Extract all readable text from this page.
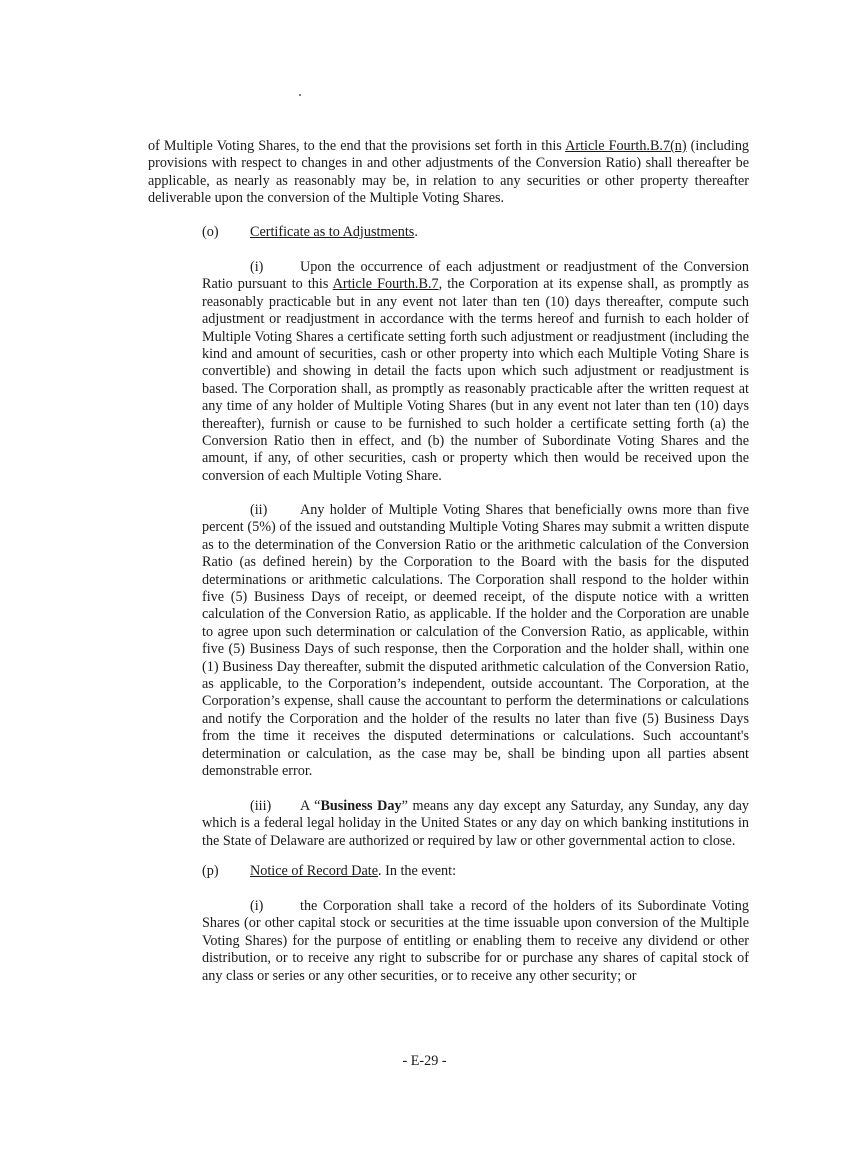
of Multiple Voting Shares, to the end that the provisions set forth in this Article Fourth.B.7(n) (including provisions with respect to changes in and other adjustments of the Conversion Ratio) shall thereafter be applicable, as nearly as reasonably may be, in relation to any securities or other property thereafter deliverable upon the conversion of the Multiple Voting Shares.
(o) Certificate as to Adjustments.
(i)	Upon the occurrence of each adjustment or readjustment of the Conversion Ratio pursuant to this Article Fourth.B.7, the Corporation at its expense shall, as promptly as reasonably practicable but in any event not later than ten (10) days thereafter, compute such adjustment or readjustment in accordance with the terms hereof and furnish to each holder of Multiple Voting Shares a certificate setting forth such adjustment or readjustment (including the kind and amount of securities, cash or other property into which each Multiple Voting Share is convertible) and showing in detail the facts upon which such adjustment or readjustment is based. The Corporation shall, as promptly as reasonably practicable after the written request at any time of any holder of Multiple Voting Shares (but in any event not later than ten (10) days thereafter), furnish or cause to be furnished to such holder a certificate setting forth (a) the Conversion Ratio then in effect, and (b) the number of Subordinate Voting Shares and the amount, if any, of other securities, cash or property which then would be received upon the conversion of each Multiple Voting Share.
(ii) Any holder of Multiple Voting Shares that beneficially owns more than five percent (5%) of the issued and outstanding Multiple Voting Shares may submit a written dispute as to the determination of the Conversion Ratio or the arithmetic calculation of the Conversion Ratio (as defined herein) by the Corporation to the Board with the basis for the disputed determinations or arithmetic calculations. The Corporation shall respond to the holder within five (5) Business Days of receipt, or deemed receipt, of the dispute notice with a written calculation of the Conversion Ratio, as applicable. If the holder and the Corporation are unable to agree upon such determination or calculation of the Conversion Ratio, as applicable, within five (5) Business Days of such response, then the Corporation and the holder shall, within one (1) Business Day thereafter, submit the disputed arithmetic calculation of the Conversion Ratio, as applicable, to the Corporation’s independent, outside accountant. The Corporation, at the Corporation’s expense, shall cause the accountant to perform the determinations or calculations and notify the Corporation and the holder of the results no later than five (5) Business Days from the time it receives the disputed determinations or calculations. Such accountant's determination or calculation, as the case may be, shall be binding upon all parties absent demonstrable error.
(iii) A “Business Day” means any day except any Saturday, any Sunday, any day which is a federal legal holiday in the United States or any day on which banking institutions in the State of Delaware are authorized or required by law or other governmental action to close.
(p) Notice of Record Date. In the event:
(i)	the Corporation shall take a record of the holders of its Subordinate Voting Shares (or other capital stock or securities at the time issuable upon conversion of the Multiple Voting Shares) for the purpose of entitling or enabling them to receive any dividend or other distribution, or to receive any right to subscribe for or purchase any shares of capital stock of any class or series or any other securities, or to receive any other security; or
- E-29 -
